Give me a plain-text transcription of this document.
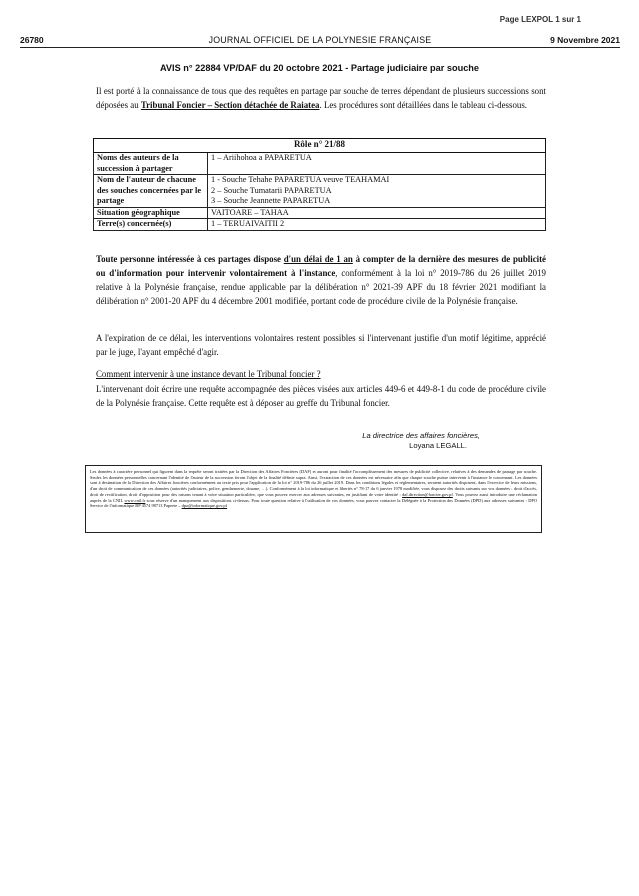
Page LEXPOL 1 sur 1
26780	JOURNAL OFFICIEL DE LA POLYNESIE FRANÇAISE	9 Novembre 2021
AVIS n° 22884 VP/DAF du 20 octobre 2021 - Partage judiciaire par souche

Il est porté à la connaissance de tous que des requêtes en partage par souche de terres dépendant de plusieurs successions sont déposées au Tribunal Foncier – Section détachée de Raiatea. Les procédures sont détaillées dans le tableau ci-dessous.

Rôle n° 21/88	
Noms des auteurs de la succession à partager	1 – Ariihohoa a PAPARETUA

Nom de l'auteur de chacune des souches concernées par le partage	1 - Souche Tehahe PAPARETUA veuve TEAHAMAI
2 – Souche Tumatarii PAPARETUA
3 – Souche Jeannette PAPARETUA

Situation géographique	VAITOARE – TAHAA

Terre(s) concernée(s)	1 – TERUAIVAITII 2

Toute personne intéressée à ces partages dispose d'un délai de 1 an à compter de la dernière des mesures de publicité ou d'information pour intervenir volontairement à l'instance, conformément à la loi n° 2019-786 du 26 juillet 2019 relative à la Polynésie française, rendue applicable par la délibération n° 2021-39 APF du 18 février 2021 modifiant la délibération n° 2001-20 APF du 4 décembre 2001 modifiée, portant code de procédure civile de la Polynésie française.

A l'expiration de ce délai, les interventions volontaires restent possibles si l'intervenant justifie d'un motif légitime, apprécié par le juge, l'ayant empêché d'agir.

Comment intervenir à une instance devant le Tribunal foncier ?

L'intervenant doit écrire une requête accompagnée des pièces visées aux articles 449-6 et 449-8-1 du code de procédure civile de la Polynésie française. Cette requête est à déposer au greffe du Tribunal foncier.

La directrice des affaires foncières,
Loyana LEGALL.
Les données à caractère personnel qui figurent dans la requête seront traitées par la Direction des Affaires Foncières (DAF) et auront pour finalité l'accomplissement des mesures de publicité collective, relatives à des demandes de partage par souche. Seules les données personnelles concernant l'identité de l'auteur de la succession feront l'objet de la finalité définie supra. Ainsi, l'extraction de ces données est nécessaire afin que chaque souche puisse intervenir à l'instance le concernant. Les données sont à destination de la Direction des Affaires foncières conformément au texte pris pour l'application de la loi n° 2019-786 du 26 juillet 2019. Dans les conditions légales et réglementaires, seraient autorités disposent, dans l'exercice de leurs missions, d'un droit de communication de ces données (autorités judiciaires, police, gendarmerie, douane, …). Conformément à la loi informatique et libertés n° 78-17 du 6 janvier 1978 modifiée, vous disposez des droits suivants sur vos données : droit d'accès, droit de rectification, droit d'opposition pour des raisons tenant à votre situation particulière, que vous pouvez exercer aux adresses suivantes, en justifiant de votre identité : daf.direction@foncier.gov.pf. Vous pouvez aussi introduire une réclamation auprès de la CNIL www.cnil.fr sous réserve d'un manquement aux dispositions ci-dessus. Pour toute question relative à l'utilisation de vos données, vous pouvez contacter la Déléguée à la Protection des Données (DPD) aux adresses suivantes : DPO Service de l'informatique BP 4574 98713 Papeete – dpo@informatique.gov.pf
